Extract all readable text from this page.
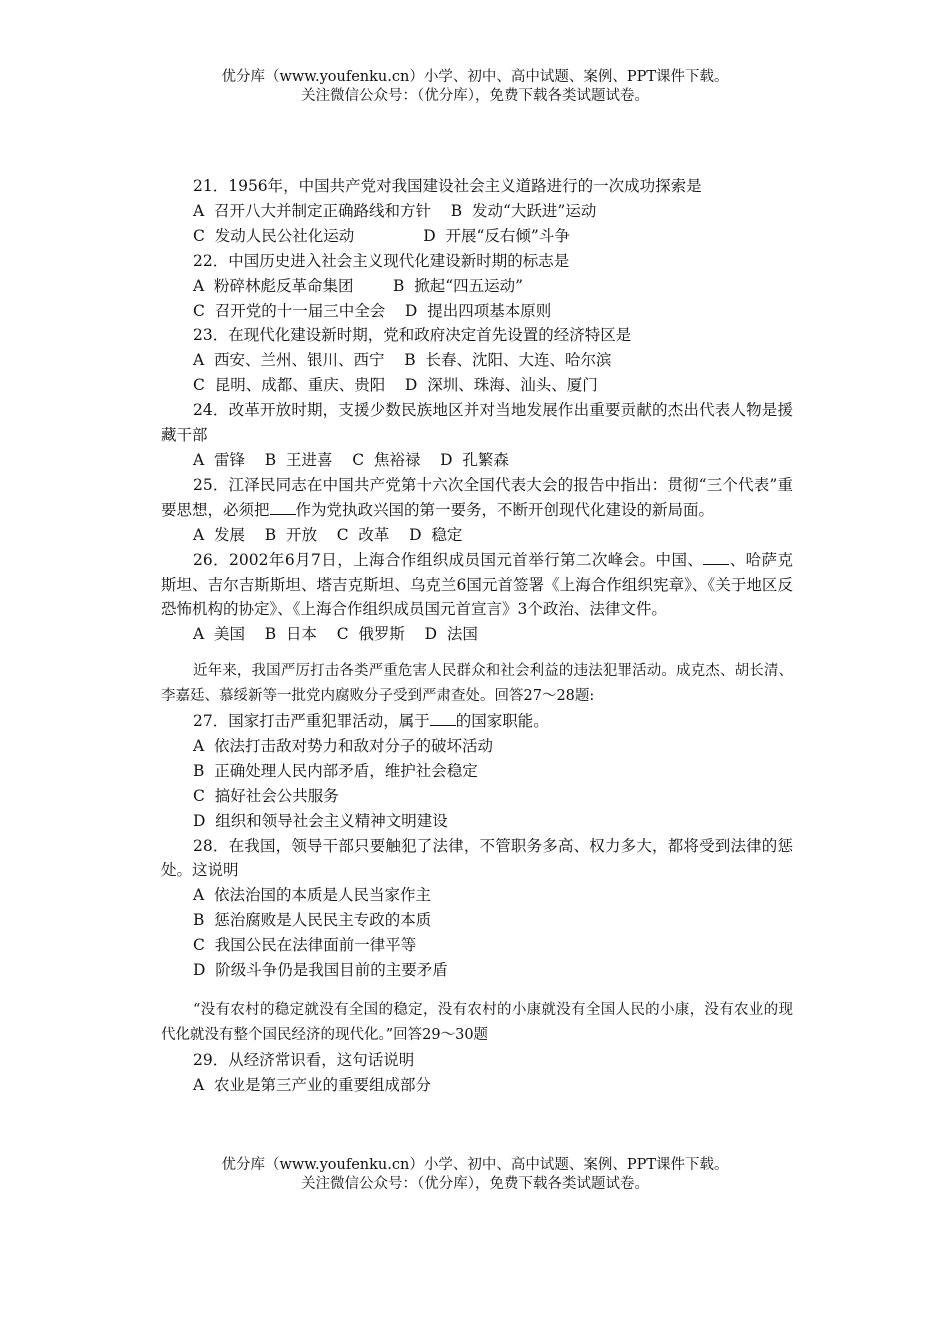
优分库（www.youfenku.cn）小学、初中、高中试题、案例、PPT课件下载。
关注微信公众号：（优分库），免费下载各类试题试卷。
21．1956年，中国共产党对我国建设社会主义道路进行的一次成功探索是
A  召开八大并制定正确路线和方针    B  发动“大跃进”运动
C  发动人民公社化运动              D  开展“反右倾”斗争
22．中国历史进入社会主义现代化建设新时期的标志是
A  粉碎林彪反革命集团        B  掀起“四五运动”
C  召开党的十一届三中全会    D  提出四项基本原则
23．在现代化建设新时期，党和政府决定首先设置的经济特区是
A  西安、兰州、银川、西宁    B  长春、沈阳、大连、哈尔滨
C  昆明、成都、重庆、贵阳    D  深圳、珠海、汕头、厦门
24．改革开放时期，支援少数民族地区并对当地发展作出重要贡献的杰出代表人物是援藏干部
A  雷锋    B  王进喜    C  焦裕禄    D  孔繁森
25．江泽民同志在中国共产党第十六次全国代表大会的报告中指出：贯彻“三个代表”重要思想，必须把 作为党执政兴国的第一要务，不断开创现代化建设的新局面。
A  发展    B  开放    C  改革    D  稳定
26．2002年6月7日，上海合作组织成员国元首举行第二次峰会。中国、 、哈萨克斯坦、吉尔吉斯斯坦、塔吉克斯坦、乌克兰6国元首签署《上海合作组织宪章》、《关于地区反恐怖机构的协定》、《上海合作组织成员国元首宣言》3个政治、法律文件。
A  美国    B  日本    C  俄罗斯    D  法国
近年来，我国严厉打击各类严重危害人民群众和社会利益的违法犯罪活动。成克杰、胡长清、李嘉廷、慕绥新等一批党内腐败分子受到严肃查处。回答27～28题:
27．国家打击严重犯罪活动，属于 的国家职能。
A  依法打击敌对势力和敌对分子的破坏活动
B  正确处理人民内部矛盾，维护社会稳定
C  搞好社会公共服务
D  组织和领导社会主义精神文明建设
28．在我国，领导干部只要触犯了法律，不管职务多高、权力多大，都将受到法律的惩处。这说明
A  依法治国的本质是人民当家作主
B  惩治腐败是人民民主专政的本质
C  我国公民在法律面前一律平等
D  阶级斗争仍是我国目前的主要矛盾
“没有农村的稳定就没有全国的稳定，没有农村的小康就没有全国人民的小康，没有农业的现代化就没有整个国民经济的现代化。”回答29～30题
29．从经济常识看，这句话说明
A  农业是第三产业的重要组成部分
优分库（www.youfenku.cn）小学、初中、高中试题、案例、PPT课件下载。
关注微信公众号：（优分库），免费下载各类试题试卷。
